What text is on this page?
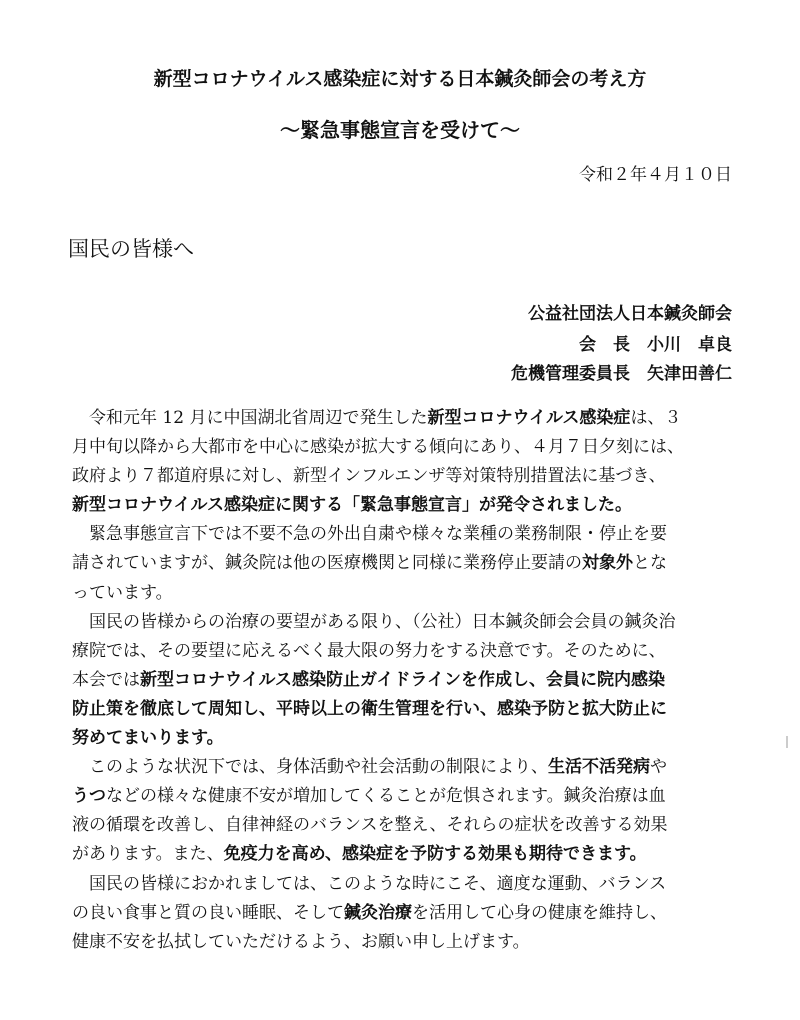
新型コロナウイルス感染症に対する日本鍼灸師会の考え方
〜緊急事態宣言を受けて〜
令和２年４月１０日
国民の皆様へ
公益社団法人日本鍼灸師会
会　長　小川　卓良
危機管理委員長　矢津田善仁
　令和元年 12 月に中国湖北省周辺で発生した新型コロナウイルス感染症は、３
月中旬以降から大都市を中心に感染が拡大する傾向にあり、４月７日夕刻には、
政府より７都道府県に対し、新型インフルエンザ等対策特別措置法に基づき、
新型コロナウイルス感染症に関する「緊急事態宣言」が発令されました。
　緊急事態宣言下では不要不急の外出自粛や様々な業種の業務制限・停止を要
請されていますが、鍼灸院は他の医療機関と同様に業務停止要請の対象外とな
っています。
　国民の皆様からの治療の要望がある限り、（公社）日本鍼灸師会会員の鍼灸治
療院では、その要望に応えるべく最大限の努力をする決意です。そのために、
本会では新型コロナウイルス感染防止ガイドラインを作成し、会員に院内感染
防止策を徹底して周知し、平時以上の衛生管理を行い、感染予防と拡大防止に
努めてまいります。
　このような状況下では、身体活動や社会活動の制限により、生活不活発病や
うつなどの様々な健康不安が増加してくることが危惧されます。鍼灸治療は血
液の循環を改善し、自律神経のバランスを整え、それらの症状を改善する効果
があります。また、免疫力を高め、感染症を予防する効果も期待できます。
　国民の皆様におかれましては、このような時にこそ、適度な運動、バランス
の良い食事と質の良い睡眠、そして鍼灸治療を活用して心身の健康を維持し、
健康不安を払拭していただけるよう、お願い申し上げます。
